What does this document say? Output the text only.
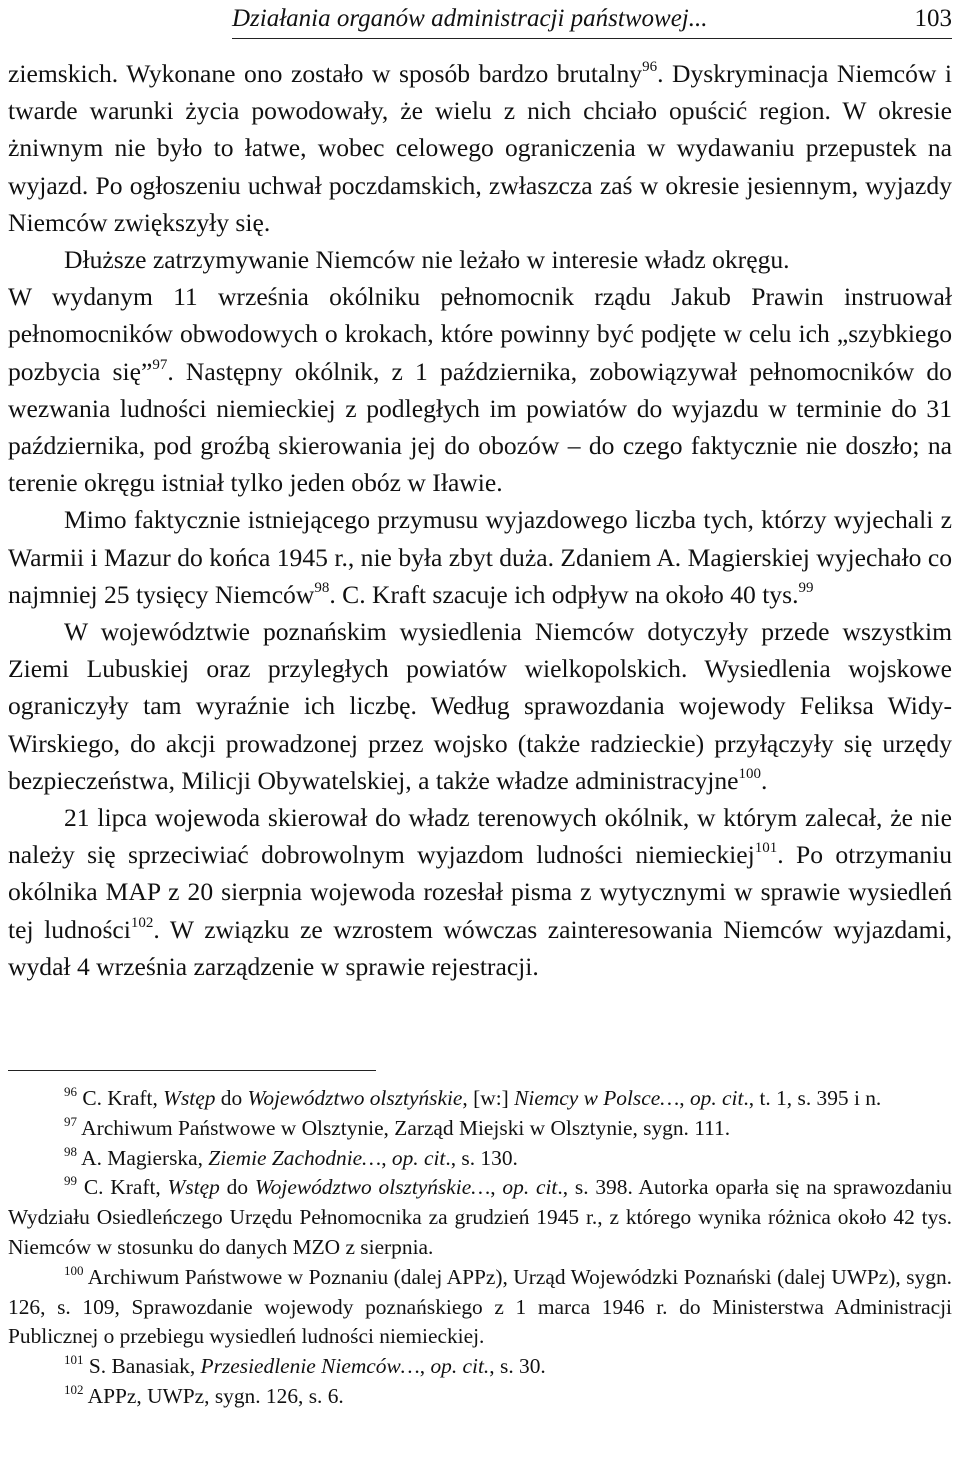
Działania organów administracji państwowej...	103

ziemskich. Wykonane ono zostało w sposób bardzo brutalny$^{96}$. Dyskryminacja Niemców i twarde warunki życia powodowały, że wielu z nich chciało opuścić region. W okresie żniwnym nie było to łatwe, wobec celowego ograniczenia w wydawaniu przepustek na wyjazd. Po ogłoszeniu uchwał poczdamskich, zwłaszcza zaś w okresie jesiennym, wyjazdy Niemców zwiększyły się.

Dłuższe zatrzymywanie Niemców nie leżało w interesie władz okręgu.

W wydanym 11 września okólniku pełnomocnik rządu Jakub Prawin instruował pełnomocników obwodowych o krokach, które powinny być podjęte w celu ich „szybkiego pozbycia się”$^{97}$. Następny okólnik, z 1 października, zobowiązywał pełnomocników do wezwania ludności niemieckiej z podległych im powiatów do wyjazdu w terminie do 31 października, pod groźbą skierowania jej do obozów – do czego faktycznie nie doszło; na terenie okręgu istniał tylko jeden obóz w Iławie.

Mimo faktycznie istniejącego przymusu wyjazdowego liczba tych, którzy wyjechali z Warmii i Mazur do końca 1945 r., nie była zbyt duża. Zdaniem A. Magierskiej wyjechało co najmniej 25 tysięcy Niemców$^{98}$. C. Kraft szacuje ich odpływ na około 40 tys.$^{99}$

W województwie poznańskim wysiedlenia Niemców dotyczyły przede wszystkim Ziemi Lubuskiej oraz przyległych powiatów wielkopolskich. Wysiedlenia wojskowe ograniczyły tam wyraźnie ich liczbę. Według sprawozdania wojewody Feliksa Widy-Wirskiego, do akcji prowadzonej przez wojsko (także radzieckie) przyłączyły się urzędy bezpieczeństwa, Milicji Obywatelskiej, a także władze administracyjne$^{100}$.

21 lipca wojewoda skierował do władz terenowych okólnik, w którym zalecał, że nie należy się sprzeciwiać dobrowolnym wyjazdom ludności niemieckiej$^{101}$. Po otrzymaniu okólnika MAP z 20 sierpnia wojewoda rozesłał pisma z wytycznymi w sprawie wysiedleń tej ludności$^{102}$. W związku ze wzrostem wówczas zainteresowania Niemców wyjazdami, wydał 4 września zarządzenie w sprawie rejestracji.

$^{96}$ C. Kraft, Wstęp do Województwo olsztyńskie, [w:] Niemcy w Polsce…, op. cit., t. 1, s. 395 i n.

$^{97}$ Archiwum Państwowe w Olsztynie, Zarząd Miejski w Olsztynie, sygn. 111.

$^{98}$ A. Magierska, Ziemie Zachodnie…, op. cit., s. 130.

$^{99}$ C. Kraft, Wstęp do Województwo olsztyńskie…, op. cit., s. 398. Autorka oparła się na sprawozdaniu Wydziału Osiedleńczego Urzędu Pełnomocnika za grudzień 1945 r., z którego wynika różnica około 42 tys. Niemców w stosunku do danych MZO z sierpnia.

$^{100}$ Archiwum Państwowe w Poznaniu (dalej APPz), Urząd Wojewódzki Poznański (dalej UWPz), sygn. 126, s. 109, Sprawozdanie wojewody poznańskiego z 1 marca 1946 r. do Ministerstwa Administracji Publicznej o przebiegu wysiedleń ludności niemieckiej.

$^{101}$ S. Banasiak, Przesiedlenie Niemców…, op. cit., s. 30.

$^{102}$ APPz, UWPz, sygn. 126, s. 6.
